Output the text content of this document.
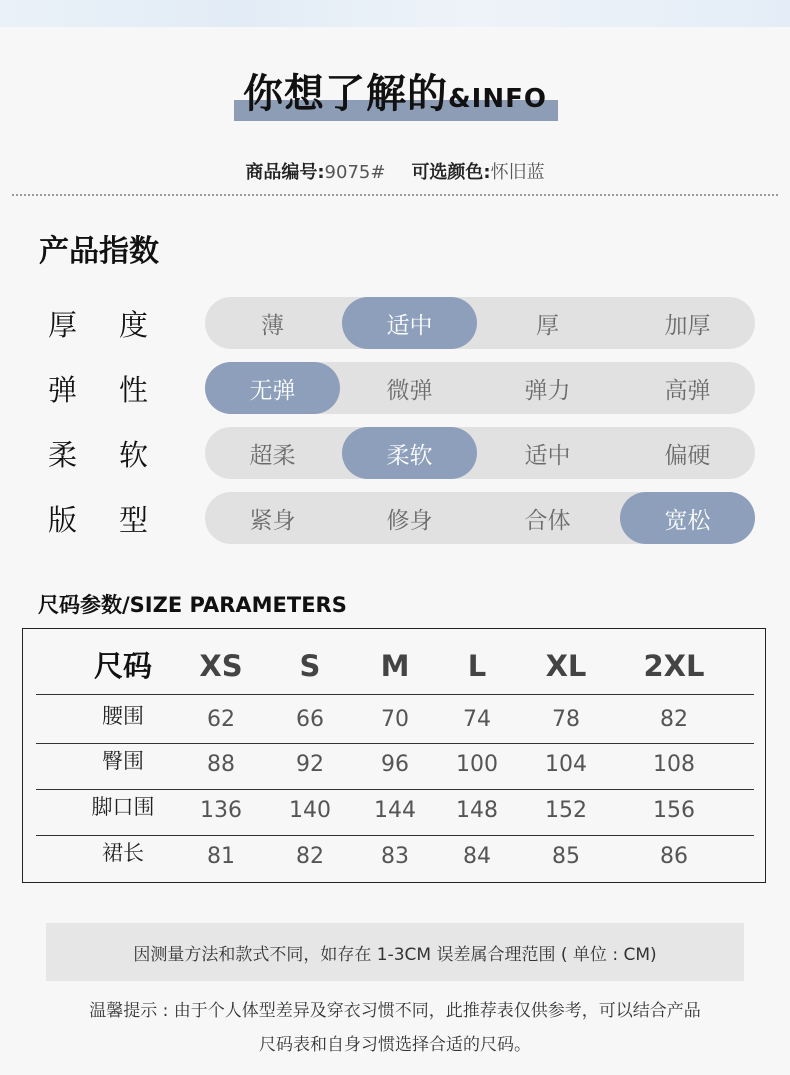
你想了解的&INFO
商品编号:9075# 可选颜色:怀旧蓝
产品指数
厚 度	薄	适中	厚	加厚
弹 性	无弹	微弹	弹力	高弹
柔 软	超柔	柔软	适中	偏硬
版 型	紧身	修身	合体	宽松
尺码参数/SIZE PARAMETERS
尺码 XS S M L XL 2XL
腰围	62	66	70 74	78	82
臀围	88	92	96 100 104	108
脚口围 136 140 144 148 152	156
裙长	81	82	83 84	85	86
因测量方法和款式不同，如存在 1-3CM 误差属合理范围 ( 单位 : CM)
温馨提示 : 由于个人体型差异及穿衣习惯不同，此推荐表仅供参考，可以结合产品
尺码表和自身习惯选择合适的尺码。
